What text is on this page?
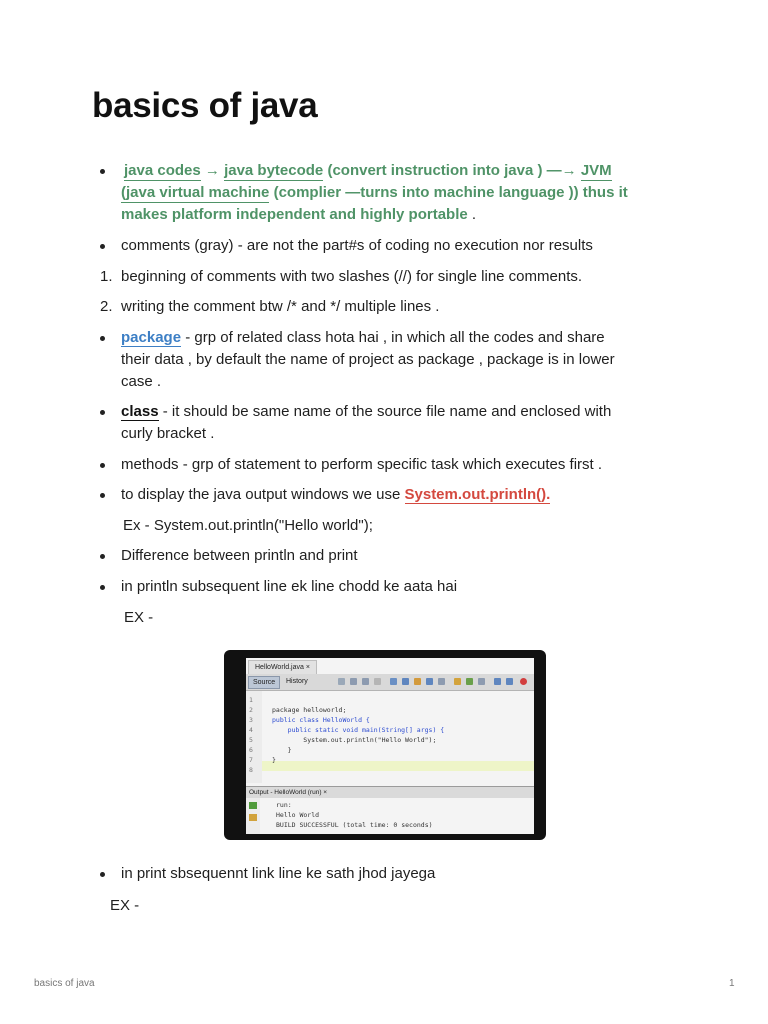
basics of java
java codes → java bytecode (convert instruction into java ) —→ JVM
(java virtual machine (complier —turns into machine language )) thus it
makes platform independent and highly portable .
comments (gray) - are not the part#s of coding no execution nor results
1. beginning of comments with two slashes (//) for single line comments.
2. writing the comment btw /* and */ multiple lines .
package - grp of related class hota hai , in which all the codes and share
their data , by default the name of project as package , package is in lower
case .
class - it should be same name of the source file name and enclosed with
curly bracket .
methods - grp of statement to perform specific task which executes first .
to display the java output windows we use System.out.println().
Ex - System.out.println("Hello world");
Difference between println and print
in println subsequent line ek line chodd ke aata hai
EX -
HelloWorld.java ×
Source	History
1
2
3
4
5
6
7
8
package helloworld;
public class HelloWorld {
public static void main(String[] args) {
System.out.println("Hello World");
}
}
Output - HelloWorld (run) ×
run:
Hello World
BUILD SUCCESSFUL (total time: 0 seconds)
in print sbsequennt link line ke sath jhod jayega
EX -
basics of java	1
